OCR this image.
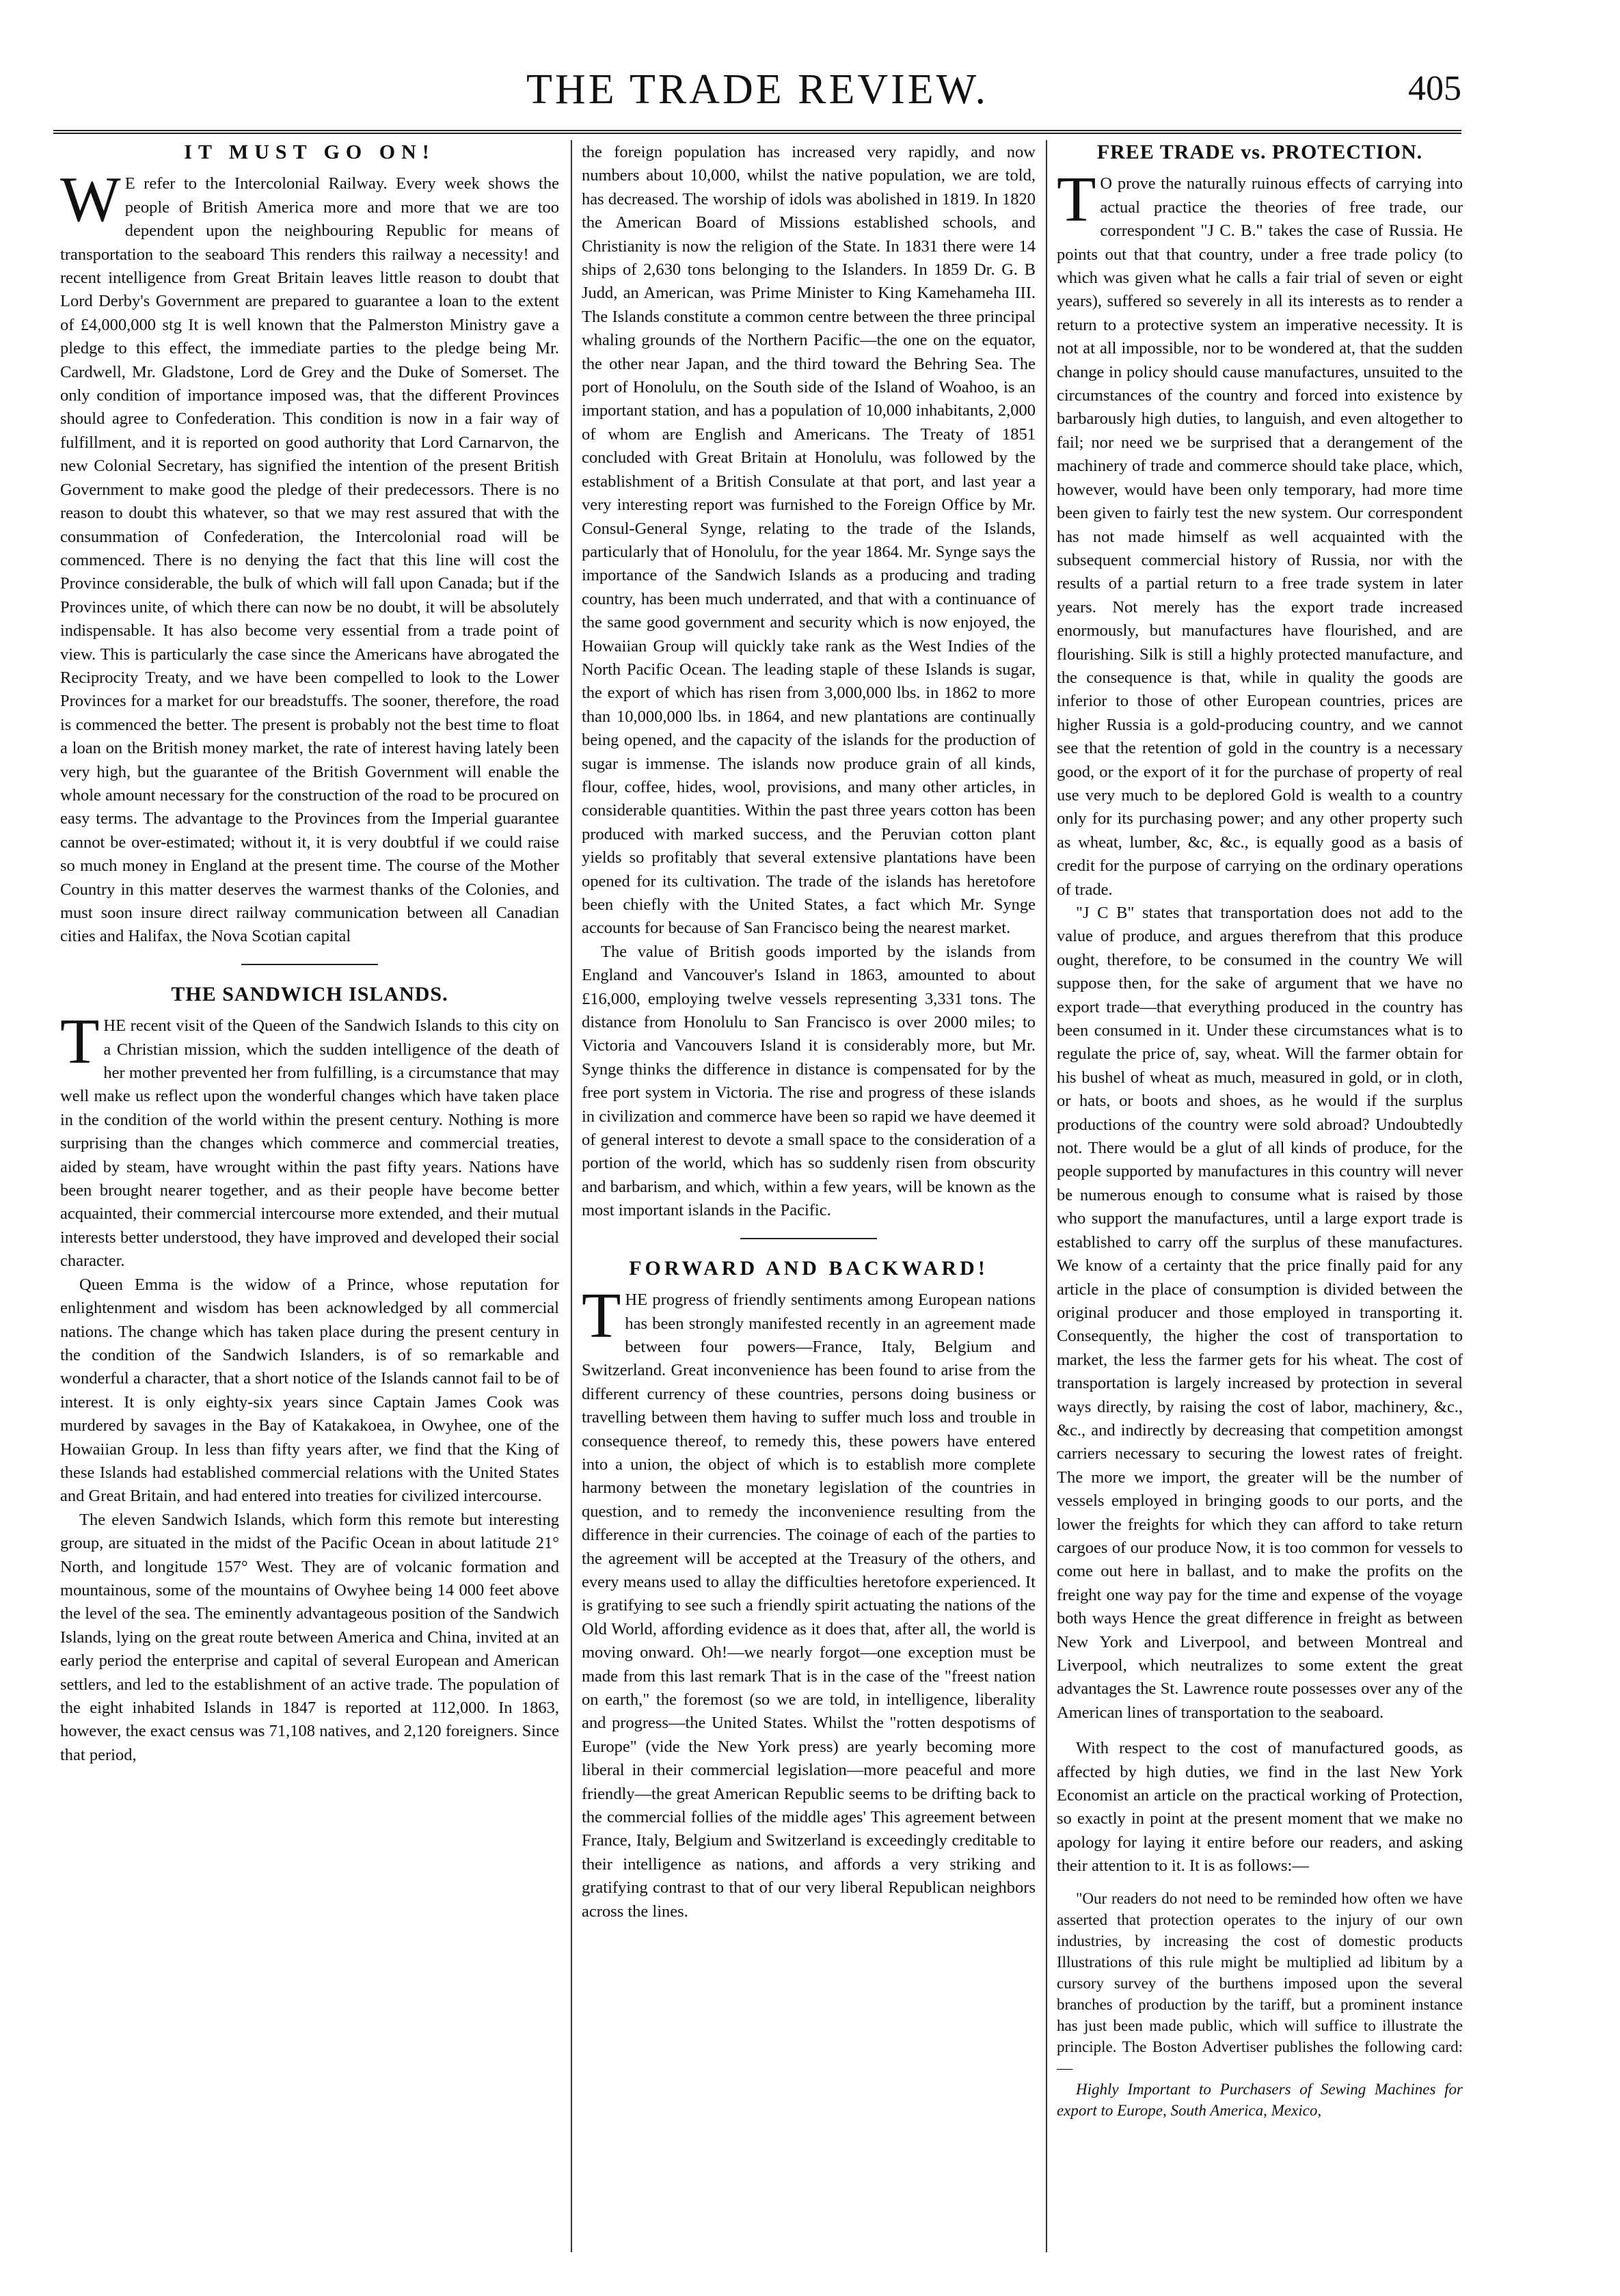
THE TRADE REVIEW.	405
IT MUST GO ON!

W E refer to the Intercolonial Railway. Every week shows the people of British America more and more that we are too dependent upon the neighbouring Republic for means of transportation to the seaboard This renders this railway a necessity! and recent intelligence from Great Britain leaves little reason to doubt that Lord Derby's Government are prepared to guarantee a loan to the extent of £4,000,000 stg It is well known that the Palmerston Ministry gave a pledge to this effect, the immediate parties to the pledge being Mr. Cardwell, Mr. Gladstone, Lord de Grey and the Duke of Somerset. The only condition of importance imposed was, that the different Provinces should agree to Confederation. This condition is now in a fair way of fulfillment, and it is reported on good authority that Lord Carnarvon, the new Colonial Secretary, has signified the intention of the present British Government to make good the pledge of their predecessors. There is no reason to doubt this whatever, so that we may rest assured that with the consummation of Confederation, the Intercolonial road will be commenced. There is no denying the fact that this line will cost the Province considerable, the bulk of which will fall upon Canada; but if the Provinces unite, of which there can now be no doubt, it will be absolutely indispensable. It has also become very essential from a trade point of view. This is particularly the case since the Americans have abrogated the Reciprocity Treaty, and we have been compelled to look to the Lower Provinces for a market for our breadstuffs. The sooner, therefore, the road is commenced the better. The present is probably not the best time to float a loan on the British money market, the rate of interest having lately been very high, but the guarantee of the British Government will enable the whole amount necessary for the construction of the road to be procured on easy terms. The advantage to the Provinces from the Imperial guarantee cannot be over-estimated; without it, it is very doubtful if we could raise so much money in England at the present time. The course of the Mother Country in this matter deserves the warmest thanks of the Colonies, and must soon insure direct railway communication between all Canadian cities and Halifax, the Nova Scotian capital

THE SANDWICH ISLANDS.

THE recent visit of the Queen of the Sandwich Islands to this city on a Christian mission, which the sudden intelligence of the death of her mother prevented her from fulfilling, is a circumstance that may well make us reflect upon the wonderful changes which have taken place in the condition of the world within the present century. Nothing is more surprising than the changes which commerce and commercial treaties, aided by steam, have wrought within the past fifty years. Nations have been brought nearer together, and as their people have become better acquainted, their commercial intercourse more extended, and their mutual interests better understood, they have improved and developed their social character.

Queen Emma is the widow of a Prince, whose reputation for enlightenment and wisdom has been acknowledged by all commercial nations. The change which has taken place during the present century in the condition of the Sandwich Islanders, is of so remarkable and wonderful a character, that a short notice of the Islands cannot fail to be of interest. It is only eighty-six years since Captain James Cook was murdered by savages in the Bay of Katakakoea, in Owyhee, one of the Howaiian Group. In less than fifty years after, we find that the King of these Islands had established commercial relations with the United States and Great Britain, and had entered into treaties for civilized intercourse.

The eleven Sandwich Islands, which form this remote but interesting group, are situated in the midst of the Pacific Ocean in about latitude 21° North, and longitude 157° West. They are of volcanic formation and mountainous, some of the mountains of Owyhee being 14 000 feet above the level of the sea. The eminently advantageous position of the Sandwich Islands, lying on the great route between America and China, invited at an early period the enterprise and capital of several European and American settlers, and led to the establishment of an active trade. The population of the eight inhabited Islands in 1847 is reported at 112,000. In 1863, however, the exact census was 71,108 natives, and 2,120 foreigners. Since that period,

the foreign population has increased very rapidly, and now numbers about 10,000, whilst the native population, we are told, has decreased. The worship of idols was abolished in 1819. In 1820 the American Board of Missions established schools, and Christianity is now the religion of the State. In 1831 there were 14 ships of 2,630 tons belonging to the Islanders. In 1859 Dr. G. B Judd, an American, was Prime Minister to King Kamehameha III. The Islands constitute a common centre between the three principal whaling grounds of the Northern Pacific—the one on the equator, the other near Japan, and the third toward the Behring Sea. The port of Honolulu, on the South side of the Island of Woahoo, is an important station, and has a population of 10,000 inhabitants, 2,000 of whom are English and Americans. The Treaty of 1851 concluded with Great Britain at Honolulu, was followed by the establishment of a British Consulate at that port, and last year a very interesting report was furnished to the Foreign Office by Mr. Consul-General Synge, relating to the trade of the Islands, particularly that of Honolulu, for the year 1864. Mr. Synge says the importance of the Sandwich Islands as a producing and trading country, has been much underrated, and that with a continuance of the same good government and security which is now enjoyed, the Howaiian Group will quickly take rank as the West Indies of the North Pacific Ocean. The leading staple of these Islands is sugar, the export of which has risen from 3,000,000 lbs. in 1862 to more than 10,000,000 lbs. in 1864, and new plantations are continually being opened, and the capacity of the islands for the production of sugar is immense. The islands now produce grain of all kinds, flour, coffee, hides, wool, provisions, and many other articles, in considerable quantities. Within the past three years cotton has been produced with marked success, and the Peruvian cotton plant yields so profitably that several extensive plantations have been opened for its cultivation. The trade of the islands has heretofore been chiefly with the United States, a fact which Mr. Synge accounts for because of San Francisco being the nearest market.

The value of British goods imported by the islands from England and Vancouver's Island in 1863, amounted to about £16,000, employing twelve vessels representing 3,331 tons. The distance from Honolulu to San Francisco is over 2000 miles; to Victoria and Vancouvers Island it is considerably more, but Mr. Synge thinks the difference in distance is compensated for by the free port system in Victoria. The rise and progress of these islands in civilization and commerce have been so rapid we have deemed it of general interest to devote a small space to the consideration of a portion of the world, which has so suddenly risen from obscurity and barbarism, and which, within a few years, will be known as the most important islands in the Pacific.

FORWARD AND BACKWARD!

THE progress of friendly sentiments among European nations has been strongly manifested recently in an agreement made between four powers—France, Italy, Belgium and Switzerland. Great inconvenience has been found to arise from the different currency of these countries, persons doing business or travelling between them having to suffer much loss and trouble in consequence thereof, to remedy this, these powers have entered into a union, the object of which is to establish more complete harmony between the monetary legislation of the countries in question, and to remedy the inconvenience resulting from the difference in their currencies. The coinage of each of the parties to the agreement will be accepted at the Treasury of the others, and every means used to allay the difficulties heretofore experienced. It is gratifying to see such a friendly spirit actuating the nations of the Old World, affording evidence as it does that, after all, the world is moving onward. Oh!—we nearly forgot—one exception must be made from this last remark That is in the case of the "freest nation on earth," the foremost (so we are told, in intelligence, liberality and progress—the United States. Whilst the "rotten despotisms of Europe" (vide the New York press) are yearly becoming more liberal in their commercial legislation—more peaceful and more friendly—the great American Republic seems to be drifting back to the commercial follies of the middle ages' This agreement between France, Italy, Belgium and Switzerland is exceedingly creditable to their intelligence as nations, and affords a very striking and gratifying contrast to that of our very liberal Republican neighbors across the lines.

FREE TRADE vs. PROTECTION.

T O prove the naturally ruinous effects of carrying into actual practice the theories of free trade, our correspondent "J C. B." takes the case of Russia. He points out that that country, under a free trade policy (to which was given what he calls a fair trial of seven or eight years), suffered so severely in all its interests as to render a return to a protective system an imperative necessity. It is not at all impossible, nor to be wondered at, that the sudden change in policy should cause manufactures, unsuited to the circumstances of the country and forced into existence by barbarously high duties, to languish, and even altogether to fail; nor need we be surprised that a derangement of the machinery of trade and commerce should take place, which, however, would have been only temporary, had more time been given to fairly test the new system. Our correspondent has not made himself as well acquainted with the subsequent commercial history of Russia, nor with the results of a partial return to a free trade system in later years. Not merely has the export trade increased enormously, but manufactures have flourished, and are flourishing. Silk is still a highly protected manufacture, and the consequence is that, while in quality the goods are inferior to those of other European countries, prices are higher Russia is a gold-producing country, and we cannot see that the retention of gold in the country is a necessary good, or the export of it for the purchase of property of real use very much to be deplored Gold is wealth to a country only for its purchasing power; and any other property such as wheat, lumber, &c, &c., is equally good as a basis of credit for the purpose of carrying on the ordinary operations of trade.

"J C B" states that transportation does not add to the value of produce, and argues therefrom that this produce ought, therefore, to be consumed in the country We will suppose then, for the sake of argument that we have no export trade—that everything produced in the country has been consumed in it. Under these circumstances what is to regulate the price of, say, wheat. Will the farmer obtain for his bushel of wheat as much, measured in gold, or in cloth, or hats, or boots and shoes, as he would if the surplus productions of the country were sold abroad? Undoubtedly not. There would be a glut of all kinds of produce, for the people supported by manufactures in this country will never be numerous enough to consume what is raised by those who support the manufactures, until a large export trade is established to carry off the surplus of these manufactures. We know of a certainty that the price finally paid for any article in the place of consumption is divided between the original producer and those employed in transporting it. Consequently, the higher the cost of transportation to market, the less the farmer gets for his wheat. The cost of transportation is largely increased by protection in several ways directly, by raising the cost of labor, machinery, &c., &c., and indirectly by decreasing that competition amongst carriers necessary to securing the lowest rates of freight. The more we import, the greater will be the number of vessels employed in bringing goods to our ports, and the lower the freights for which they can afford to take return cargoes of our produce Now, it is too common for vessels to come out here in ballast, and to make the profits on the freight one way pay for the time and expense of the voyage both ways Hence the great difference in freight as between New York and Liverpool, and between Montreal and Liverpool, which neutralizes to some extent the great advantages the St. Lawrence route possesses over any of the American lines of transportation to the seaboard.

With respect to the cost of manufactured goods, as affected by high duties, we find in the last New York Economist an article on the practical working of Protection, so exactly in point at the present moment that we make no apology for laying it entire before our readers, and asking their attention to it. It is as follows:—

"Our readers do not need to be reminded how often we have asserted that protection operates to the injury of our own industries, by increasing the cost of domestic products Illustrations of this rule might be multiplied ad libitum by a cursory survey of the burthens imposed upon the several branches of production by the tariff, but a prominent instance has just been made public, which will suffice to illustrate the principle. The Boston Advertiser publishes the following card:—

Highly Important to Purchasers of Sewing Machines for export to Europe, South America, Mexico,
